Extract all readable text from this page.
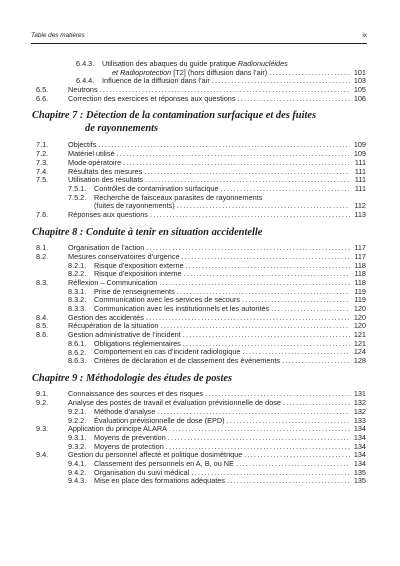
Table des matières	ix
6.4.3. Utilisation des abaques du guide pratique Radionucléides
et Radioprotection [T2] (hors diffusion dans l’air) . . .	101
6.4.4. Influence de la diffusion dans l’air . . .	103
6.5.	Neutrons . . .	105
6.6.	Correction des exercices et réponses aux questions . . .	106
Chapitre 7 : Détection de la contamination surfacique et des fuites
de rayonnements
7.1.	Objectifs . . .	109
7.2.	Matériel utilisé . . .	109
7.3.	Mode opératoire . . .	111
7.4.	Résultats des mesures . . .	111
7.5.	Utilisation des résultats . . .	111
7.5.1. Contrôles de contamination surfacique . . .	111
7.5.2. Recherche de faisceaux parasites de rayonnements
(fuites de rayonnements) . . .	112
7.6.	Réponses aux questions . . .	113
Chapitre 8 : Conduite à tenir en situation accidentelle
8.1.	Organisation de l’action . . .	117
8.2.	Mesures conservatoires d’urgence . . .	117
8.2.1. Risque d’exposition externe . . .	118
8.2.2. Risque d’exposition interne . . .	118
8.3.	Réflexion – Communication . . .	118
8.3.1. Prise de renseignements . . .	119
8.3.2. Communication avec les services de secours . . .	119
8.3.3. Communication avec les institutionnels et les autorités . . .	120
8.4.	Gestion des accidentés . . .	120
8.5.	Récupération de la situation . . .	120
8.6.	Gestion administrative de l’incident . . .	121
8.6.1. Obligations réglementaires . . .	121
8.6.2. Comportement en cas d’incident radiologique . . .	124
8.6.3. Critères de déclaration et de classement des événements . . .	128
Chapitre 9 : Méthodologie des études de postes
9.1.	Connaissance des sources et des risques . . .	131
9.2.	Analyse des postes de travail et évaluation prévisionnelle de dose . . .	132
9.2.1. Méthode d’analyse . . .	132
9.2.2. Évaluation prévisionnelle de dose (EPD) . . .	133
9.3.	Application du principe ALARA . . .	134
9.3.1. Moyens de prévention . . .	134
9.3.2. Moyens de protection . . .	134
9.4.	Gestion du personnel affecté et politique dosimétrique . . .	134
9.4.1. Classement des personnels en A, B, ou NE . . .	134
9.4.2. Organisation du suivi médical . . .	135
9.4.3. Mise en place des formations adéquates . . .	135
